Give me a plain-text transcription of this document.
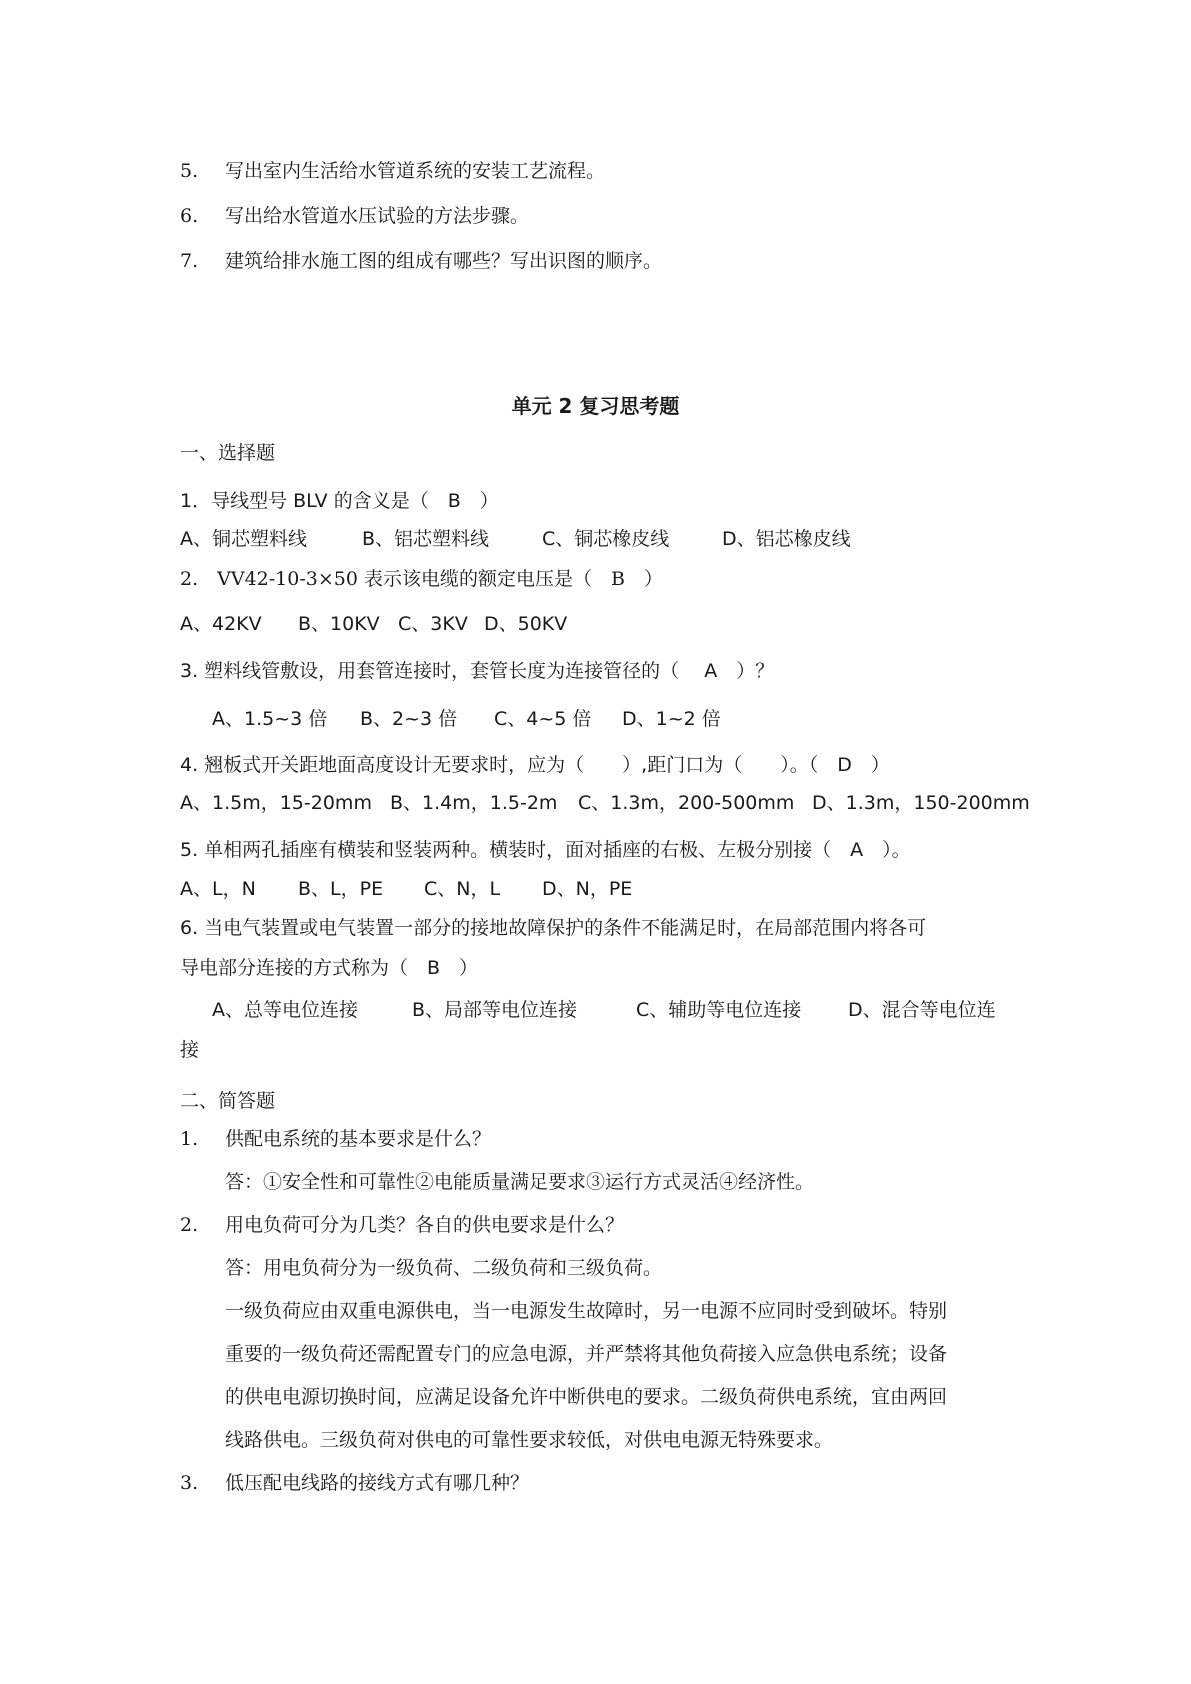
5. 写出室内生活给水管道系统的安装工艺流程。
6. 写出给水管道水压试验的方法步骤。
7. 建筑给排水施工图的组成有哪些？写出识图的顺序。
单元 2 复习思考题
一、选择题
1．导线型号 BLV 的含义是（　B　）
A、铜芯塑料线	B、铝芯塑料线	C、铜芯橡皮线	D、铝芯橡皮线
2.　VV42-10-3×50 表示该电缆的额定电压是（　B　）
A、42KV B、10KV C、3KV D、50KV
3. 塑料线管敷设，用套管连接时，套管长度为连接管径的（　 A　）？
A、1.5~3 倍 B、2~3 倍 C、4~5 倍 D、1~2 倍
4. 翘板式开关距地面高度设计无要求时，应为（　　）,距门口为（　　）。（　D　）
A、1.5m，15-20mm B、1.4m，1.5-2m C、1.3m，200-500mm D、1.3m，150-200mm
5. 单相两孔插座有横装和竖装两种。横装时，面对插座的右极、左极分别接（　A　）。
A、L，N B、L，PE C、N，L D、N，PE
6. 当电气装置或电气装置一部分的接地故障保护的条件不能满足时，在局部范围内将各可
导电部分连接的方式称为（　B　）
A、总等电位连接	B、局部等电位连接	C、辅助等电位连接 D、混合等电位连
接
二、简答题
1. 供配电系统的基本要求是什么？
答：①安全性和可靠性②电能质量满足要求③运行方式灵活④经济性。
2. 用电负荷可分为几类？各自的供电要求是什么？
答：用电负荷分为一级负荷、二级负荷和三级负荷。
一级负荷应由双重电源供电，当一电源发生故障时，另一电源不应同时受到破坏。特别
重要的一级负荷还需配置专门的应急电源，并严禁将其他负荷接入应急供电系统；设备
的供电电源切换时间，应满足设备允许中断供电的要求。二级负荷供电系统，宜由两回
线路供电。三级负荷对供电的可靠性要求较低，对供电电源无特殊要求。
3. 低压配电线路的接线方式有哪几种？
